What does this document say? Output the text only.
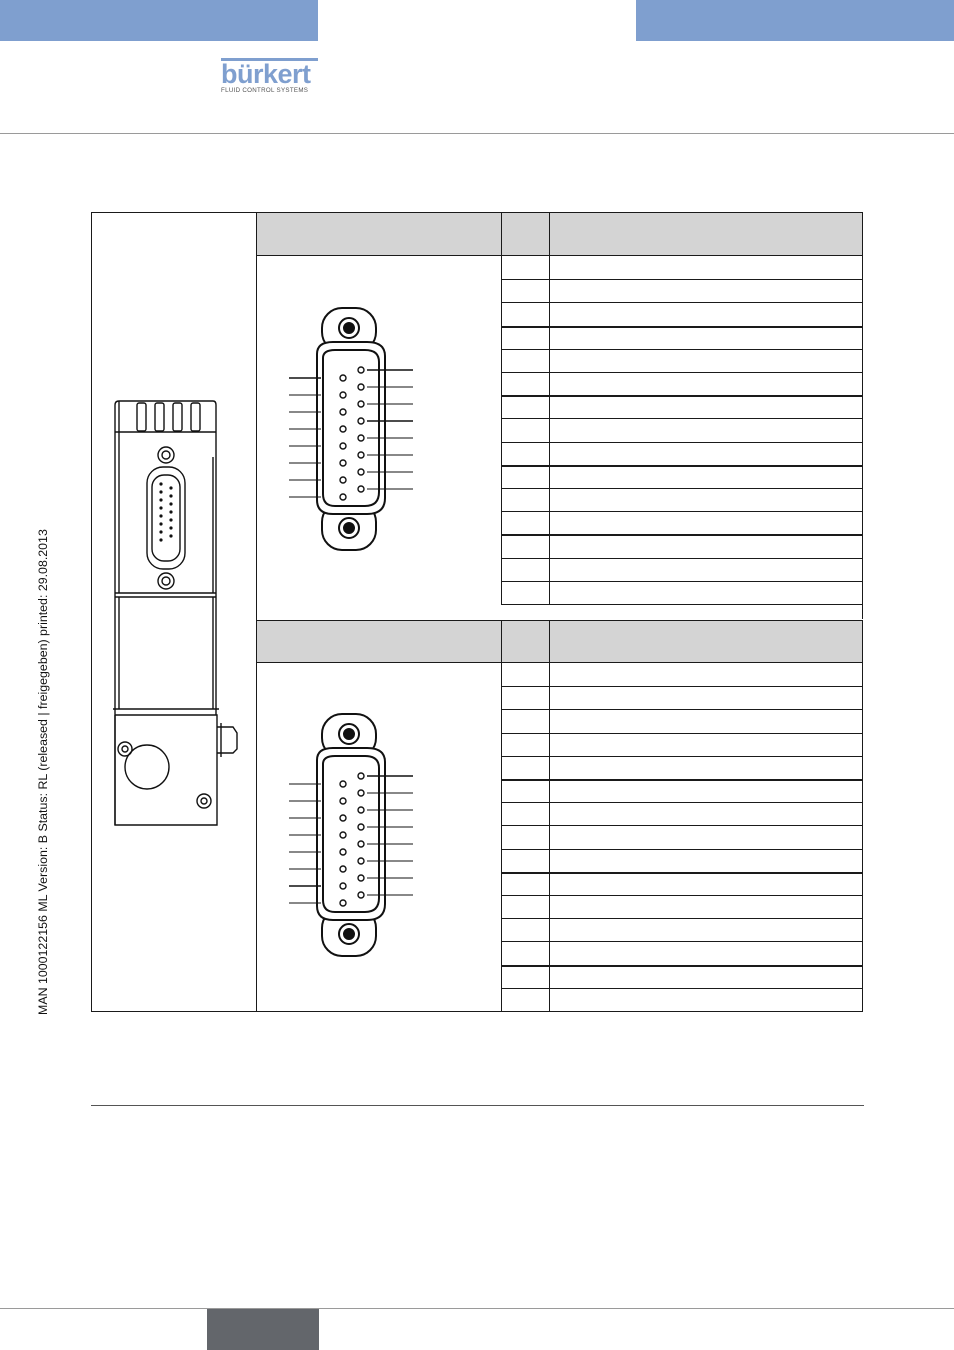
bürkert
FLUID CONTROL SYSTEMS
MAN 1000122156 ML Version: B Status: RL (released | freigegeben) printed: 29.08.2013
